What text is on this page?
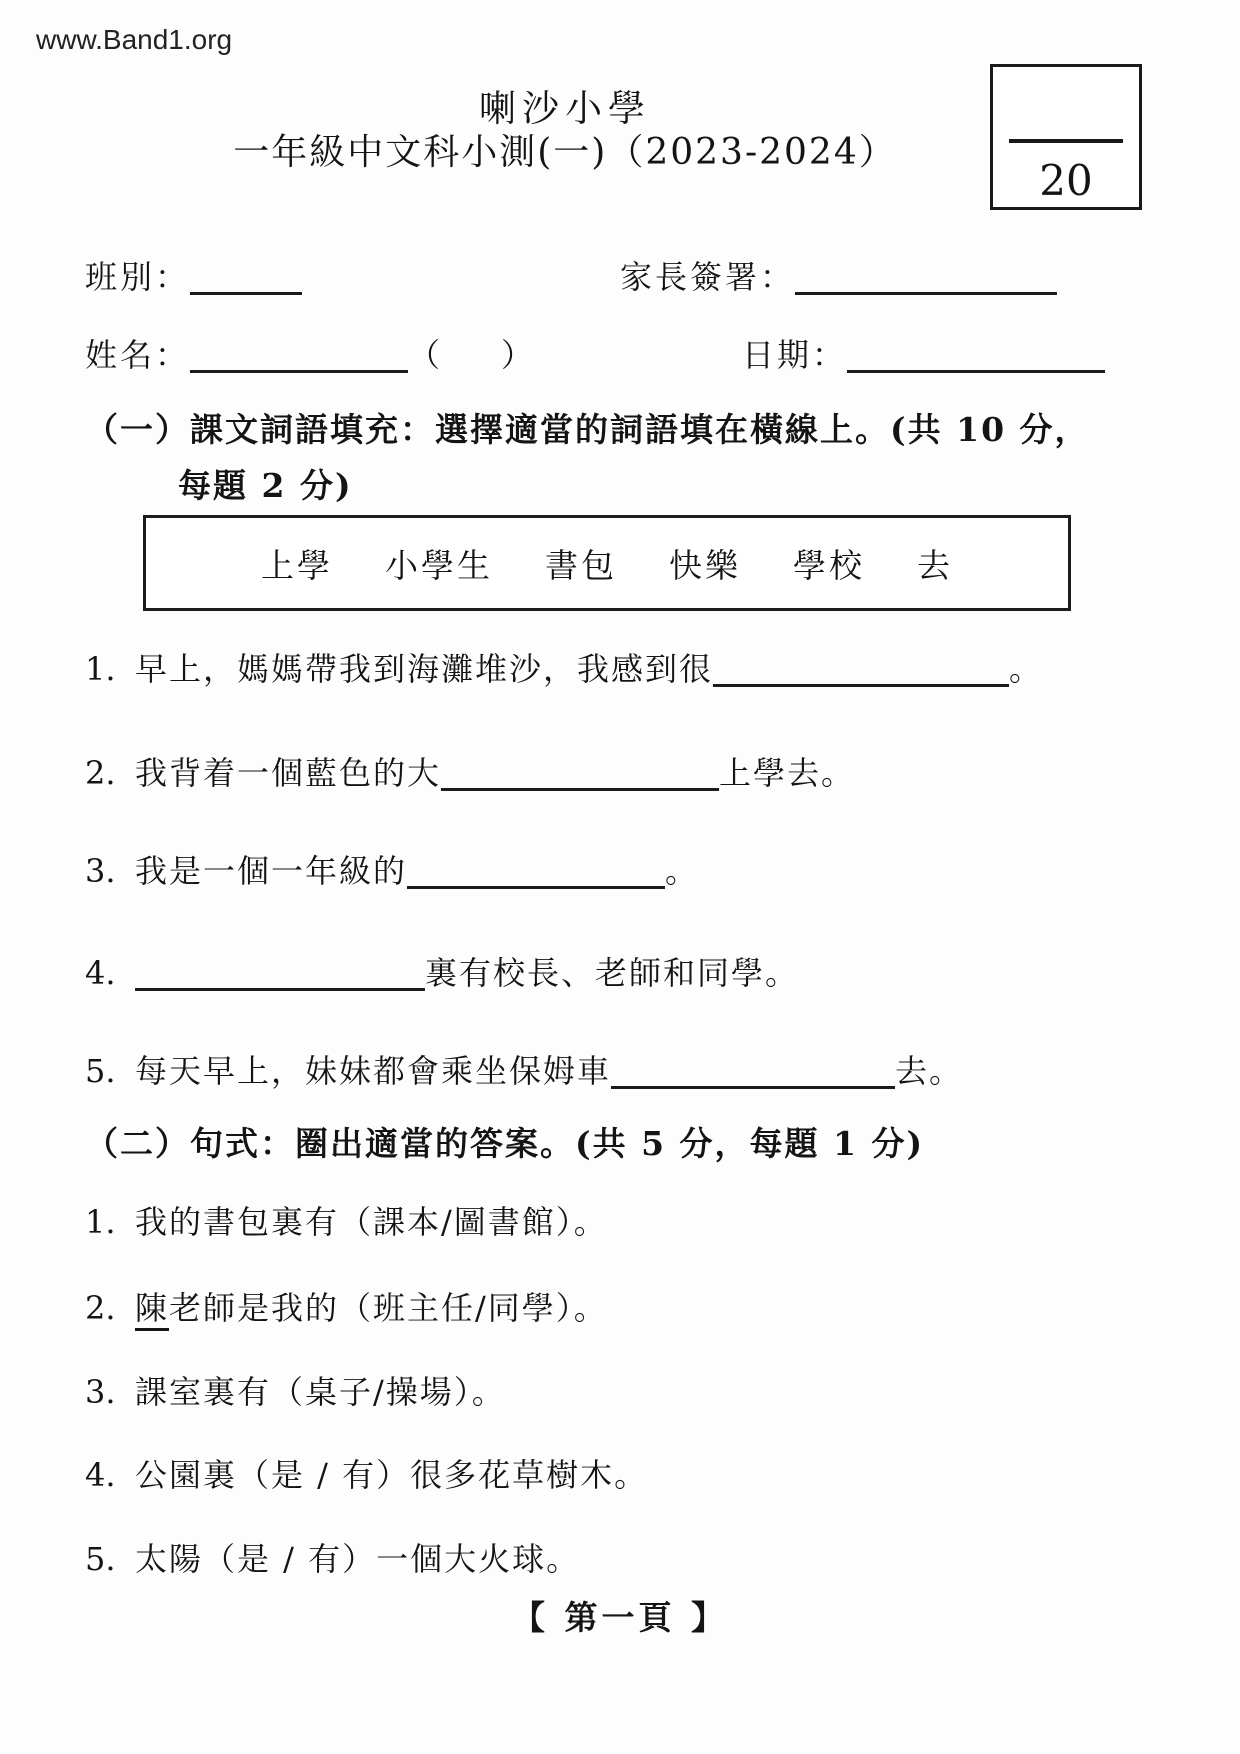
www.Band1.org
喇沙小學
一年級中文科小測(一)（2023-2024）
20
班別：	家長簽署：
姓名：	（ ）	日期：
（一）課文詞語填充：選擇適當的詞語填在橫線上。(共 10 分，
每題 2 分)
上學 小學生 書包 快樂 學校 去
1. 早上，媽媽帶我到海灘堆沙，我感到很	。
2. 我背着一個藍色的大	上學去。
3. 我是一個一年級的	。
4.	裏有校長、老師和同學。
5. 每天早上，妹妹都會乘坐保姆車	去。
（二）句式：圈出適當的答案。(共 5 分，每題 1 分)
1. 我的書包裏有（課本/圖書館）。
2. 陳老師是我的（班主任/同學）。
3. 課室裏有（桌子/操場）。
4. 公園裏（是 / 有）很多花草樹木。
5. 太陽（是 / 有）一個大火球。
【 第一頁 】
